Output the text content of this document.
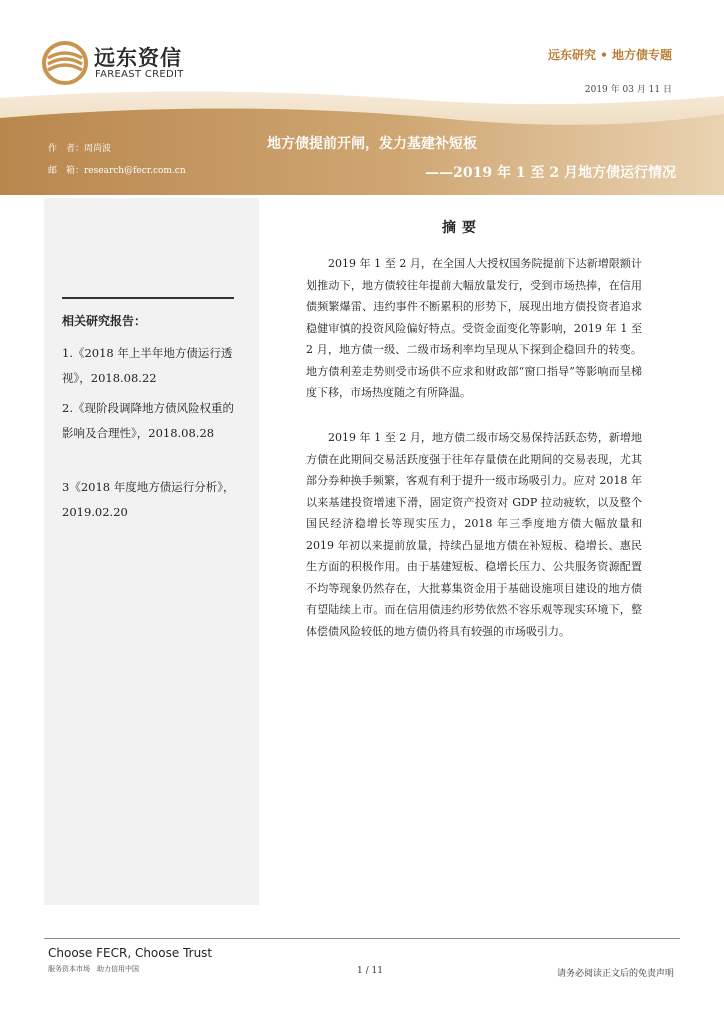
远东资信
FAREAST CREDIT
远东研究 • 地方债专题
2019 年 03 月 11 日
作　者：周尚波
邮　箱：research@fecr.com.cn
地方债提前开闸，发力基建补短板
——2019 年 1 至 2 月地方债运行情况
相关研究报告：
1.《2018 年上半年地方债运行透视》，2018.08.22
2.《现阶段调降地方债风险权重的影响及合理性》，2018.08.28
3《2018 年度地方债运行分析》，2019.02.20
摘要
2019 年 1 至 2 月，在全国人大授权国务院提前下达新增限额计划推动下，地方债较往年提前大幅放量发行，受到市场热捧，在信用债频繁爆雷、违约事件不断累积的形势下，展现出地方债投资者追求稳健审慎的投资风险偏好特点。受资金面变化等影响，2019 年 1 至 2 月，地方债一级、二级市场利率均呈现从下探到企稳回升的转变。地方债利差走势则受市场供不应求和财政部“窗口指导”等影响而呈梯度下移，市场热度随之有所降温。
2019 年 1 至 2 月，地方债二级市场交易保持活跃态势，新增地方债在此期间交易活跃度强于往年存量债在此期间的交易表现，尤其部分券种换手频繁，客观有利于提升一级市场吸引力。应对 2018 年以来基建投资增速下滑，固定资产投资对 GDP 拉动疲软，以及整个国民经济稳增长等现实压力，2018 年三季度地方债大幅放量和 2019 年初以来提前放量，持续凸显地方债在补短板、稳增长、惠民生方面的积极作用。由于基建短板、稳增长压力、公共服务资源配置不均等现象仍然存在，大批募集资金用于基础设施项目建设的地方债有望陆续上市。而在信用债违约形势依然不容乐观等现实环境下，整体偿债风险较低的地方债仍将具有较强的市场吸引力。
Choose FECR, Choose Trust
服务资本市场　助力信用中国	1 / 11	请务必阅读正文后的免责声明
